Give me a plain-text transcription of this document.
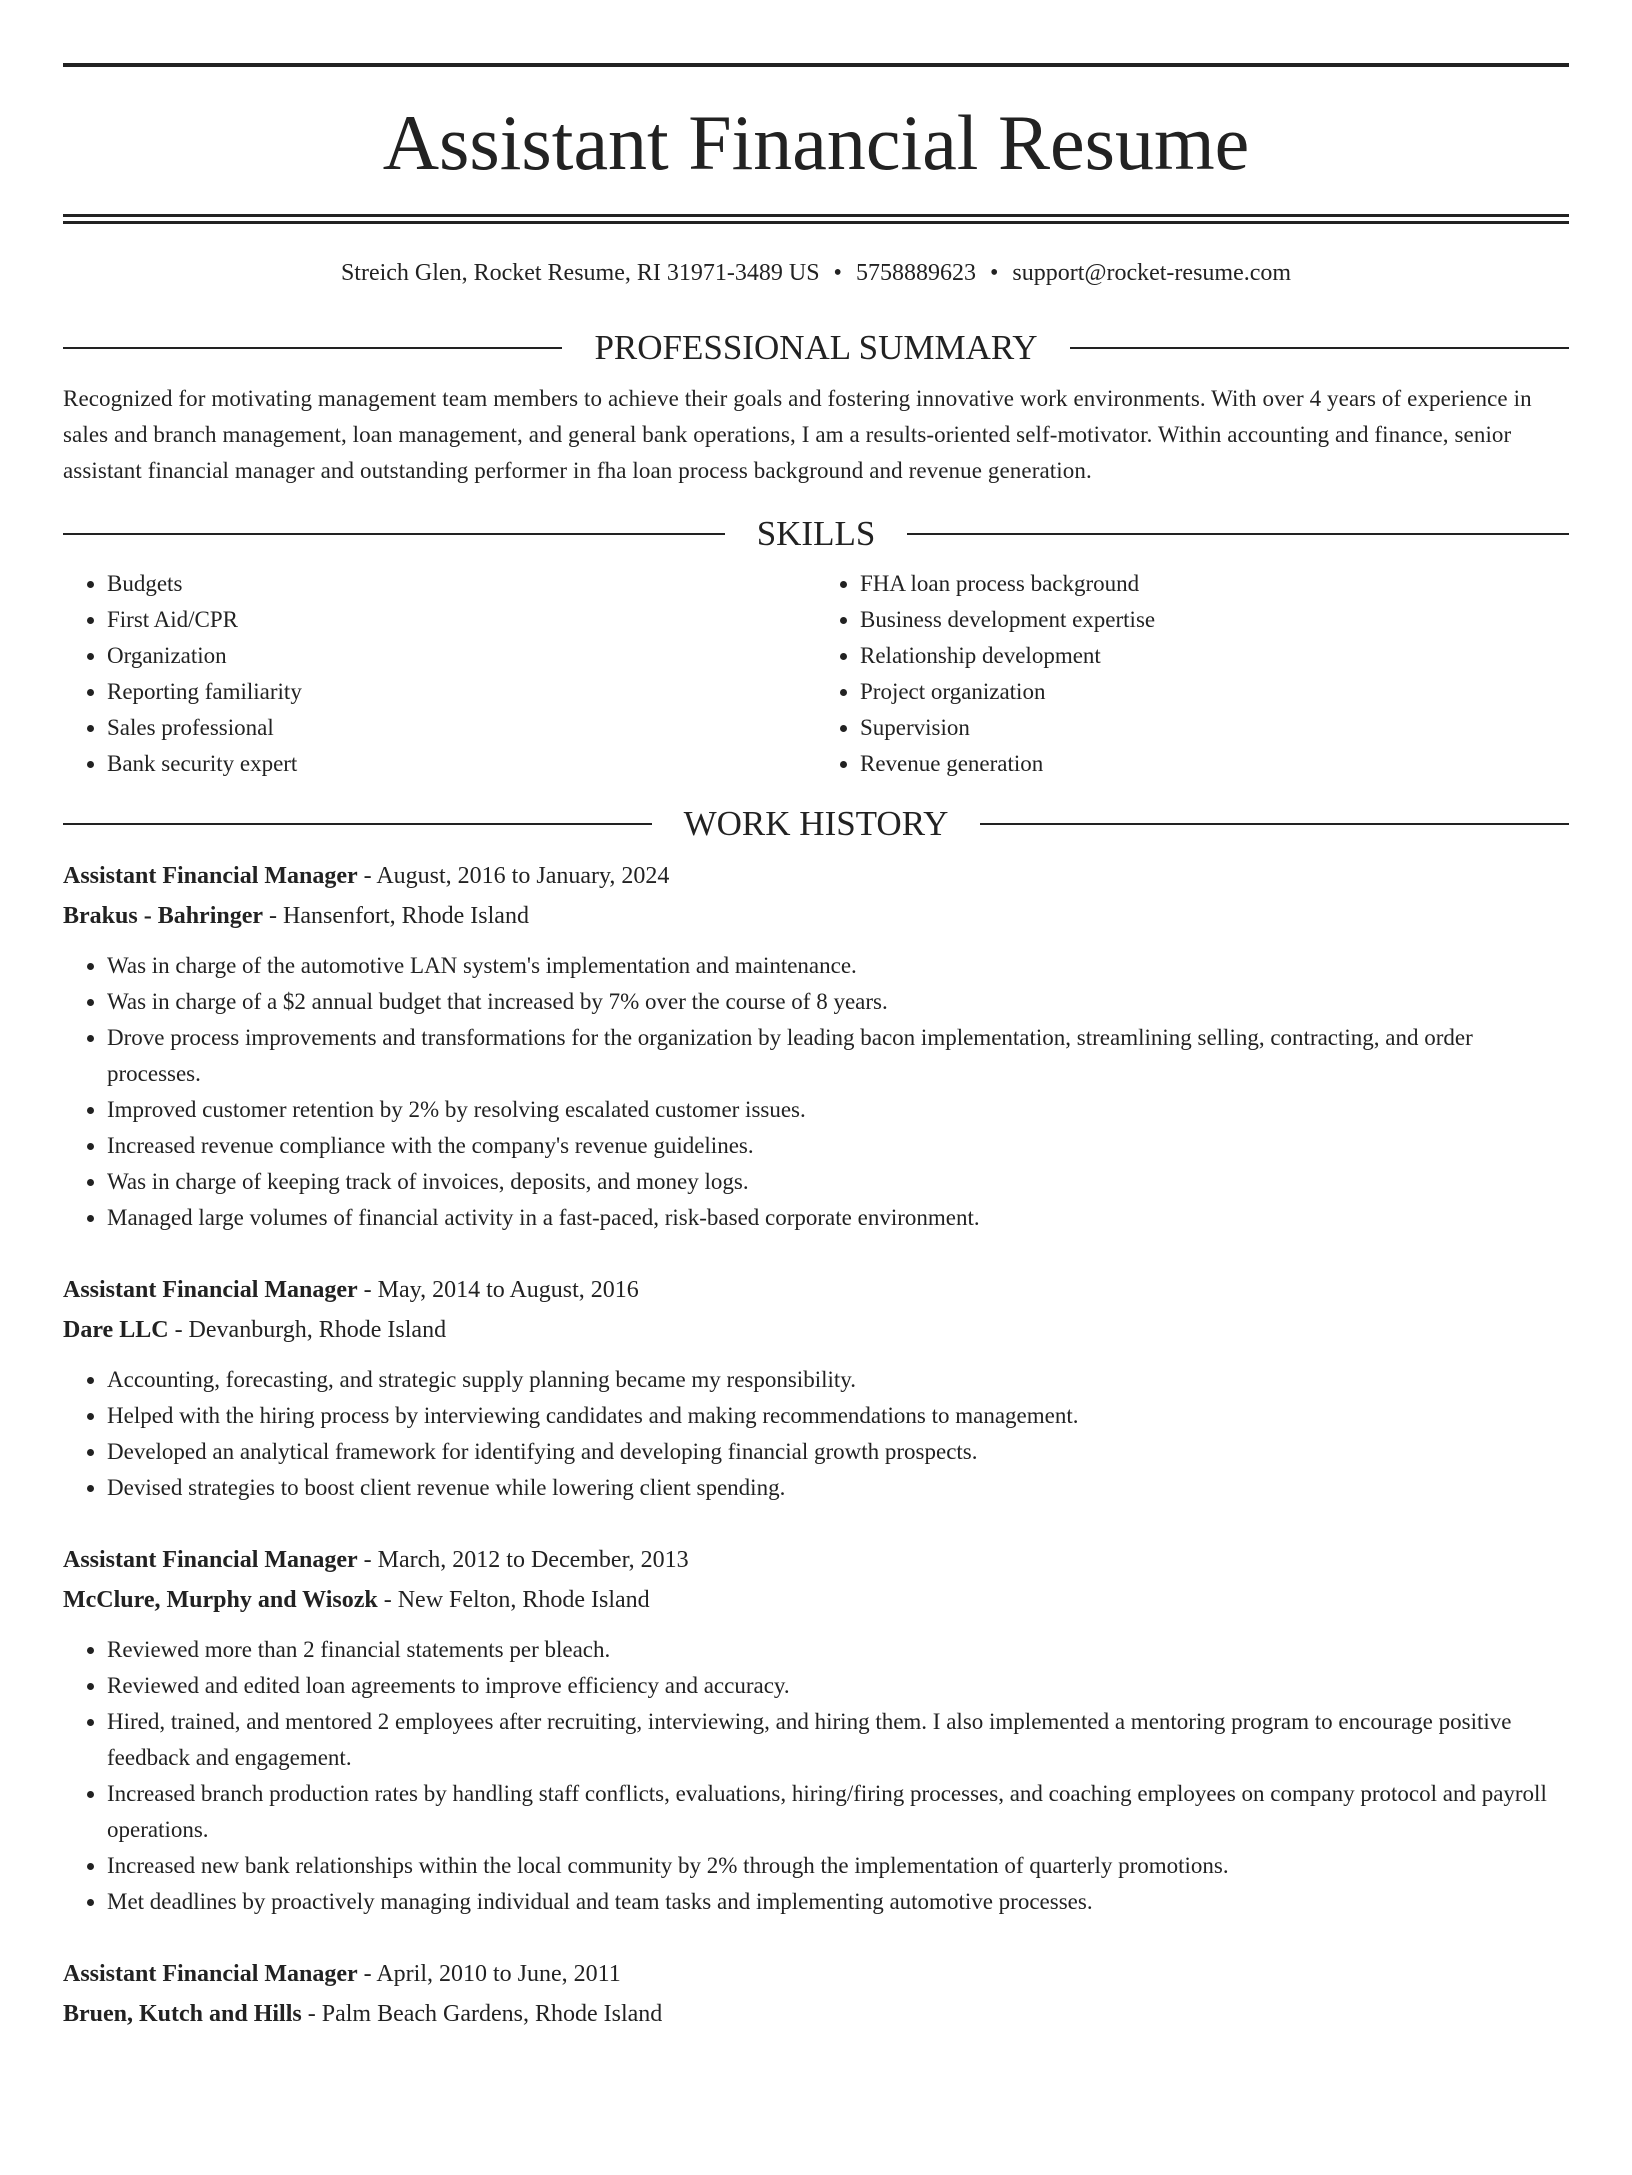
Assistant Financial Resume
Streich Glen, Rocket Resume, RI 31971-3489 US • 5758889623 • support@rocket-resume.com
PROFESSIONAL SUMMARY

Recognized for motivating management team members to achieve their goals and fostering innovative work environments. With over 4 years of experience in sales and branch management, loan management, and general bank operations, I am a results-oriented self-motivator. Within accounting and finance, senior assistant financial manager and outstanding performer in fha loan process background and revenue generation.

SKILLS
• Budgets
• First Aid/CPR
• Organization
• Reporting familiarity
• Sales professional
• Bank security expert
• FHA loan process background
• Business development expertise
• Relationship development
• Project organization
• Supervision
• Revenue generation
WORK HISTORY
Assistant Financial Manager - August, 2016 to January, 2024
Brakus - Bahringer - Hansenfort, Rhode Island
• Was in charge of the automotive LAN system's implementation and maintenance.
• Was in charge of a $2 annual budget that increased by 7% over the course of 8 years.
• Drove process improvements and transformations for the organization by leading bacon implementation, streamlining selling, contracting, and order processes.
• Improved customer retention by 2% by resolving escalated customer issues.
• Increased revenue compliance with the company's revenue guidelines.
• Was in charge of keeping track of invoices, deposits, and money logs.
• Managed large volumes of financial activity in a fast-paced, risk-based corporate environment.
Assistant Financial Manager - May, 2014 to August, 2016
Dare LLC - Devanburgh, Rhode Island
• Accounting, forecasting, and strategic supply planning became my responsibility.
• Helped with the hiring process by interviewing candidates and making recommendations to management.
• Developed an analytical framework for identifying and developing financial growth prospects.
• Devised strategies to boost client revenue while lowering client spending.
Assistant Financial Manager - March, 2012 to December, 2013
McClure, Murphy and Wisozk - New Felton, Rhode Island
• Reviewed more than 2 financial statements per bleach.
• Reviewed and edited loan agreements to improve efficiency and accuracy.
• Hired, trained, and mentored 2 employees after recruiting, interviewing, and hiring them. I also implemented a mentoring program to encourage positive feedback and engagement.
• Increased branch production rates by handling staff conflicts, evaluations, hiring/firing processes, and coaching employees on company protocol and payroll operations.
• Increased new bank relationships within the local community by 2% through the implementation of quarterly promotions.
• Met deadlines by proactively managing individual and team tasks and implementing automotive processes.
Assistant Financial Manager - April, 2010 to June, 2011
Bruen, Kutch and Hills - Palm Beach Gardens, Rhode Island
